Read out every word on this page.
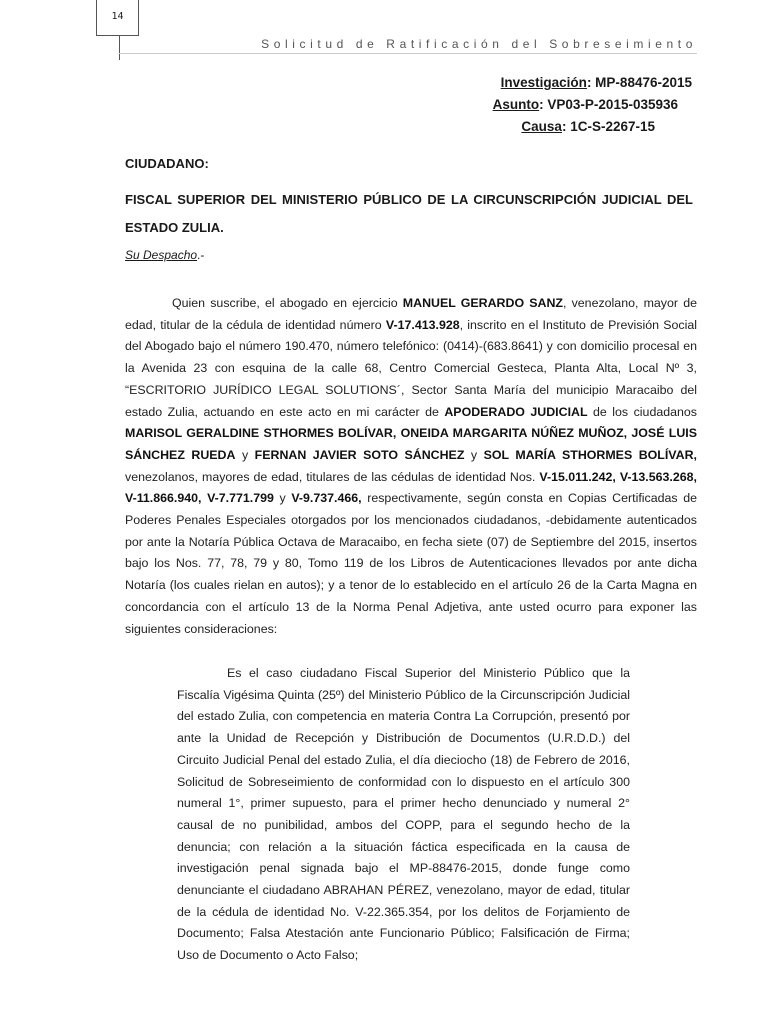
14
Solicitud de Ratificación del Sobreseimiento
Investigación: MP-88476-2015
Asunto: VP03-P-2015-035936
Causa: 1C-S-2267-15
CIUDADANO:
FISCAL SUPERIOR DEL MINISTERIO PÚBLICO DE LA CIRCUNSCRIPCIÓN JUDICIAL DEL ESTADO ZULIA.
Su Despacho.-
Quien suscribe, el abogado en ejercicio MANUEL GERARDO SANZ, venezolano, mayor de edad, titular de la cédula de identidad número V-17.413.928, inscrito en el Instituto de Previsión Social del Abogado bajo el número 190.470, número telefónico: (0414)-(683.8641) y con domicilio procesal en la Avenida 23 con esquina de la calle 68, Centro Comercial Gesteca, Planta Alta, Local Nº 3, “ESCRITORIO JURÍDICO LEGAL SOLUTIONS´, Sector Santa María del municipio Maracaibo del estado Zulia, actuando en este acto en mi carácter de APODERADO JUDICIAL de los ciudadanos MARISOL GERALDINE STHORMES BOLÍVAR, ONEIDA MARGARITA NÚÑEZ MUÑOZ, JOSÉ LUIS SÁNCHEZ RUEDA y FERNAN JAVIER SOTO SÁNCHEZ y SOL MARÍA STHORMES BOLÍVAR, venezolanos, mayores de edad, titulares de las cédulas de identidad Nos. V-15.011.242, V-13.563.268, V-11.866.940, V-7.771.799 y V-9.737.466, respectivamente, según consta en Copias Certificadas de Poderes Penales Especiales otorgados por los mencionados ciudadanos, -debidamente autenticados por ante la Notaría Pública Octava de Maracaibo, en fecha siete (07) de Septiembre del 2015, insertos bajo los Nos. 77, 78, 79 y 80, Tomo 119 de los Libros de Autenticaciones llevados por ante dicha Notaría (los cuales rielan en autos); y a tenor de lo establecido en el artículo 26 de la Carta Magna en concordancia con el artículo 13 de la Norma Penal Adjetiva, ante usted ocurro para exponer las siguientes consideraciones:
Es el caso ciudadano Fiscal Superior del Ministerio Público que la Fiscalía Vigésima Quinta (25º) del Ministerio Público de la Circunscripción Judicial del estado Zulia, con competencia en materia Contra La Corrupción, presentó por ante la Unidad de Recepción y Distribución de Documentos (U.R.D.D.) del Circuito Judicial Penal del estado Zulia, el día dieciocho (18) de Febrero de 2016, Solicitud de Sobreseimiento de conformidad con lo dispuesto en el artículo 300 numeral 1°, primer supuesto, para el primer hecho denunciado y numeral 2° causal de no punibilidad, ambos del COPP, para el segundo hecho de la denuncia; con relación a la situación fáctica especificada en la causa de investigación penal signada bajo el MP-88476-2015, donde funge como denunciante el ciudadano ABRAHAN PÉREZ, venezolano, mayor de edad, titular de la cédula de identidad No. V-22.365.354, por los delitos de Forjamiento de Documento; Falsa Atestación ante Funcionario Público; Falsificación de Firma; Uso de Documento o Acto Falso;
